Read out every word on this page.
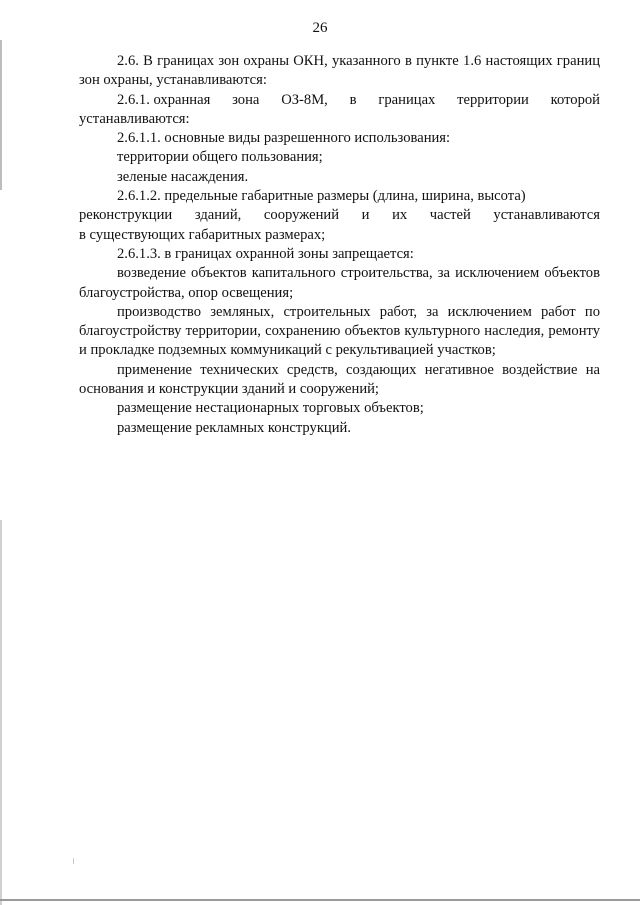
26

2.6. В границах зон охраны ОКН, указанного в пункте 1.6 настоящих границ зон охраны, устанавливаются:

2.6.1. охранная зона ОЗ-8М, в границах территории которой
устанавливаются:

2.6.1.1. основные виды разрешенного использования:

территории общего пользования;

зеленые насаждения.

2.6.1.2. предельные габаритные размеры (длина, ширина, высота)
реконструкции зданий, сооружений и их частей устанавливаются
в существующих габаритных размерах;

2.6.1.3. в границах охранной зоны запрещается:

возведение объектов капитального строительства, за исключением объектов благоустройства, опор освещения;

производство земляных, строительных работ, за исключением работ по благоустройству территории, сохранению объектов культурного наследия, ремонту и прокладке подземных коммуникаций с рекультивацией участков;

применение технических средств, создающих негативное воздействие на основания и конструкции зданий и сооружений;

размещение нестационарных торговых объектов;

размещение рекламных конструкций.
